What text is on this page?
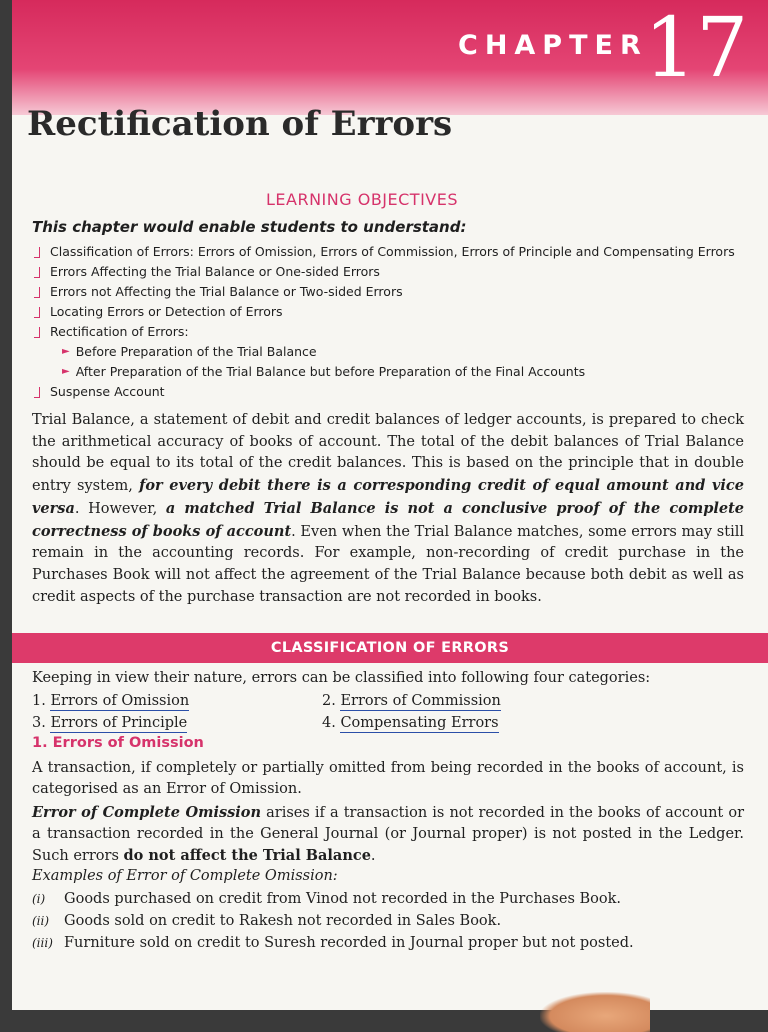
CHAPTER
17
Rectification of Errors
LEARNING OBJECTIVES
This chapter would enable students to understand:
Classification of Errors: Errors of Omission, Errors of Commission, Errors of Principle and Compensating Errors
Errors Affecting the Trial Balance or One-sided Errors
Errors not Affecting the Trial Balance or Two-sided Errors
Locating Errors or Detection of Errors
Rectification of Errors:
► Before Preparation of the Trial Balance
► After Preparation of the Trial Balance but before Preparation of the Final Accounts
Suspense Account
Trial Balance, a statement of debit and credit balances of ledger accounts, is prepared to check the arithmetical accuracy of books of account. The total of the debit balances of Trial Balance should be equal to its total of the credit balances. This is based on the principle that in double entry system, for every debit there is a corresponding credit of equal amount and vice versa. However, a matched Trial Balance is not a conclusive proof of the complete correctness of books of account. Even when the Trial Balance matches, some errors may still remain in the accounting records. For example, non-recording of credit purchase in the Purchases Book will not affect the agreement of the Trial Balance because both debit as well as credit aspects of the purchase transaction are not recorded in books.
CLASSIFICATION OF ERRORS
Keeping in view their nature, errors can be classified into following four categories:
1. Errors of Omission	2. Errors of Commission
3. Errors of Principle	4. Compensating Errors
1. Errors of Omission
A transaction, if completely or partially omitted from being recorded in the books of account, is categorised as an Error of Omission.
Error of Complete Omission arises if a transaction is not recorded in the books of account or a transaction recorded in the General Journal (or Journal proper) is not posted in the Ledger. Such errors do not affect the Trial Balance.
Examples of Error of Complete Omission:
(i) Goods purchased on credit from Vinod not recorded in the Purchases Book.
(ii) Goods sold on credit to Rakesh not recorded in Sales Book.
(iii) Furniture sold on credit to Suresh recorded in Journal proper but not posted.
